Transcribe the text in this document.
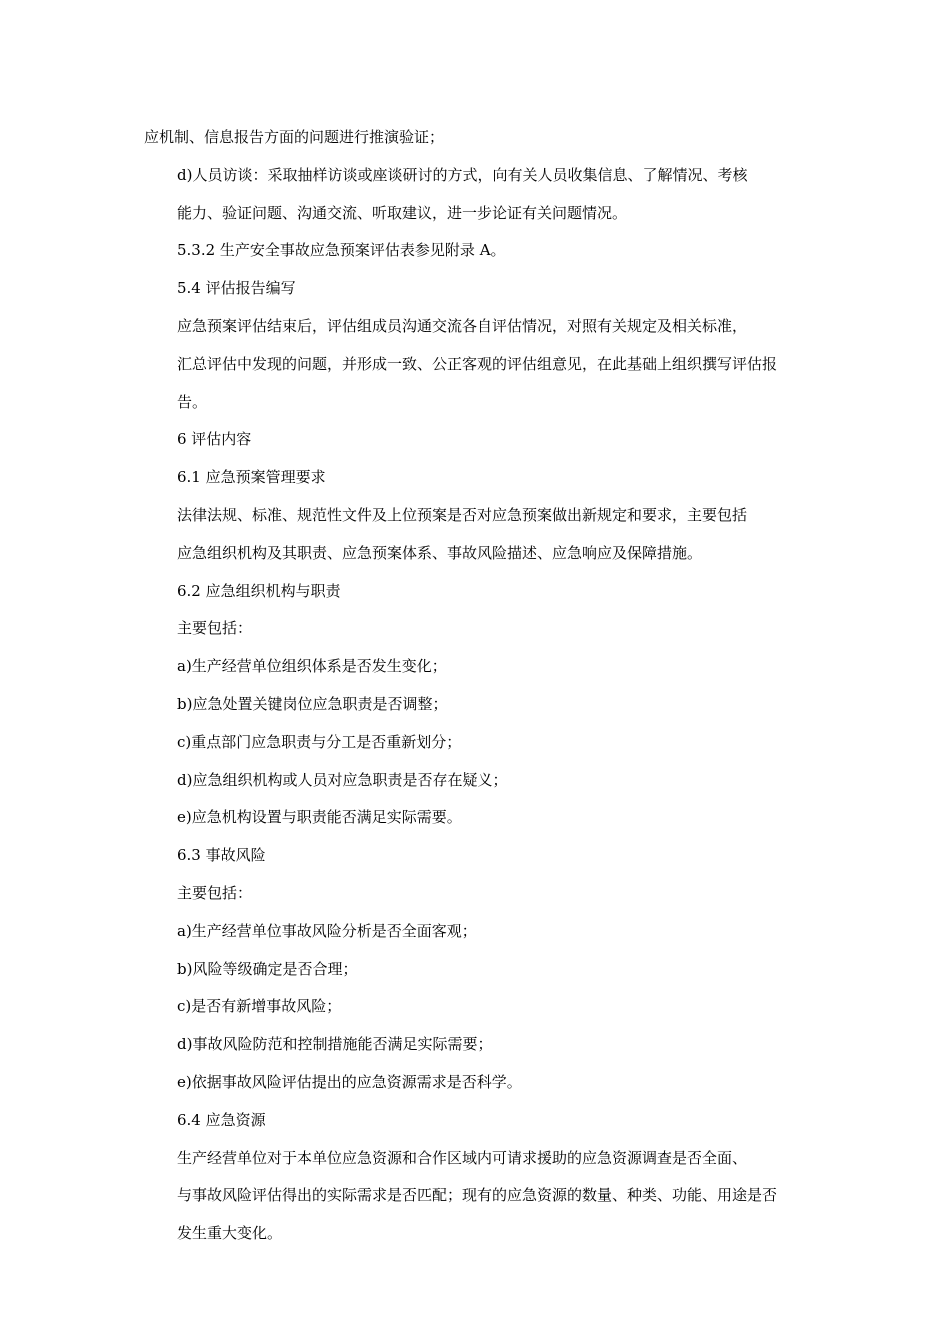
应机制、信息报告方面的问题进行推演验证；

d)人员访谈：采取抽样访谈或座谈研讨的方式，向有关人员收集信息、了解情况、考核
能力、验证问题、沟通交流、听取建议，进一步论证有关问题情况。

5.3.2 生产安全事故应急预案评估表参见附录 A。

5.4 评估报告编写

应急预案评估结束后，评估组成员沟通交流各自评估情况，对照有关规定及相关标准，
汇总评估中发现的问题，并形成一致、公正客观的评估组意见，在此基础上组织撰写评估报
告。

6 评估内容

6.1 应急预案管理要求

法律法规、标准、规范性文件及上位预案是否对应急预案做出新规定和要求，主要包括
应急组织机构及其职责、应急预案体系、事故风险描述、应急响应及保障措施。

6.2 应急组织机构与职责

主要包括：

a)生产经营单位组织体系是否发生变化；

b)应急处置关键岗位应急职责是否调整；

c)重点部门应急职责与分工是否重新划分；

d)应急组织机构或人员对应急职责是否存在疑义；

e)应急机构设置与职责能否满足实际需要。

6.3 事故风险

主要包括：

a)生产经营单位事故风险分析是否全面客观；

b)风险等级确定是否合理；

c)是否有新增事故风险；

d)事故风险防范和控制措施能否满足实际需要；

e)依据事故风险评估提出的应急资源需求是否科学。

6.4 应急资源

生产经营单位对于本单位应急资源和合作区域内可请求援助的应急资源调查是否全面、
与事故风险评估得出的实际需求是否匹配；现有的应急资源的数量、种类、功能、用途是否
发生重大变化。
